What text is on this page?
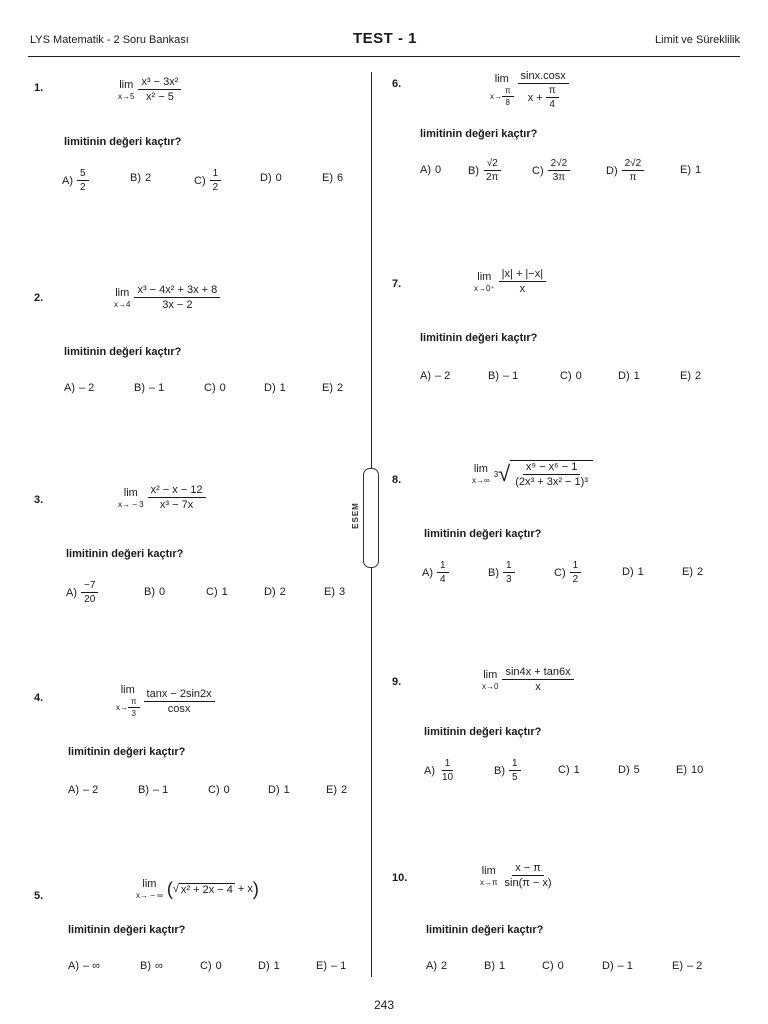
LYS Matematik - 2 Soru Bankası	TEST - 1	Limit ve Süreklilik
ESEM
1.	lim
$x\to 5 \frac{\text{x³ − 3x²}}{\text{x² − 5}}$
limitinin değeri kaçtır?
$A) \frac{5}{2}$	B) 2	$C) \frac{1}{2}$	D) 0	E) 6
2.	lim
$x\to 4 \frac{\text{x³ − 4x² + 3x + 8}}{3x - 2}$
limitinin değeri kaçtır?
A) – 2	B) – 1	C) 0	D) 1	E) 2
3.
lim
$x\to - 3 \frac{\text{x² − x − 12}}{\text{x³ − 7x}}$
limitinin değeri kaçtır?
$A) \frac{-7}{20}$	B) 0	C) 1	D) 2	E) 3
4.
lim
$x\to \frac{\pi}{3} \frac{\tan x - 2\sin 2x}{\cos x}$
limitinin değeri kaçtır?
A) – 2	B) – 1	C) 0	D) 1	E) 2
5.
lim
x→ − ∞ ( √ x² + 2x − 4 + x )
limitinin değeri kaçtır?
A) – ∞	B) ∞	C) 0	D) 1	E) – 1
6.	lim
$x\to \frac{\pi}{8} \frac{\sin x.\cos x}{x + \frac{\pi}{4}}$
limitinin değeri kaçtır?
A) 0 $B) \frac{√2}{2\pi}$	$C) \frac{2√2}{3\pi}$	$D) \frac{2√2}{\pi}$	E) 1
7.
lim
$x\to 0^+ \frac{|x| + |-x|}{x}$
limitinin değeri kaçtır?
A) – 2	B) – 1	C) 0	D) 1	E) 2
8.
lim
x→∞
3 √ $\frac{\text{x⁹ − x⁶ − 1}}{\text{(2x³ + 3x² − 1)³}}$
limitinin değeri kaçtır?
$A) \frac{1}{4}$	$B) \frac{1}{3}$	$C) \frac{1}{2}$	D) 1	E) 2
9.
lim
$x\to 0 \frac{\sin 4x + \tan 6x}{x}$
limitinin değeri kaçtır?
$A) \frac{1}{10}$	$B) \frac{1}{5}$	C) 1	D) 5	E) 10
10.
lim
$x\to\pi \frac{x - \pi}{\sin(\pi - x)}$
limitinin değeri kaçtır?
A) 2	B) 1	C) 0	D) – 1	E) – 2
243
